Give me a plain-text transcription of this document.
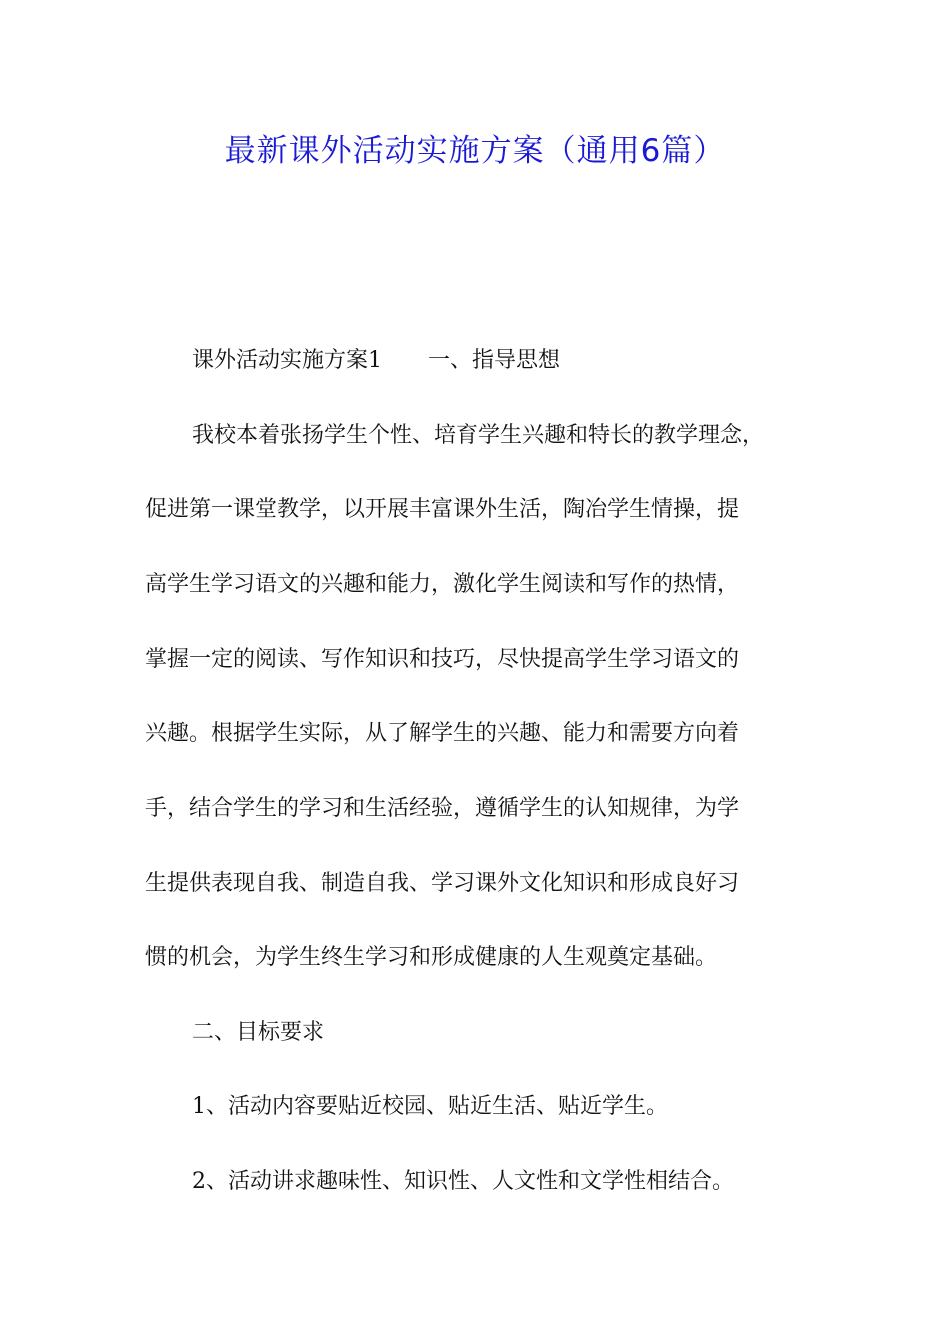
最新课外活动实施方案（通用6篇）
课外活动实施方案1 一、指导思想
我校本着张扬学生个性、培育学生兴趣和特长的教学理念，
促进第一课堂教学，以开展丰富课外生活，陶冶学生情操，提
高学生学习语文的兴趣和能力，激化学生阅读和写作的热情，
掌握一定的阅读、写作知识和技巧，尽快提高学生学习语文的
兴趣。根据学生实际，从了解学生的兴趣、能力和需要方向着
手，结合学生的学习和生活经验，遵循学生的认知规律，为学
生提供表现自我、制造自我、学习课外文化知识和形成良好习
惯的机会，为学生终生学习和形成健康的人生观奠定基础。
二、目标要求
1、活动内容要贴近校园、贴近生活、贴近学生。
2、活动讲求趣味性、知识性、人文性和文学性相结合。
